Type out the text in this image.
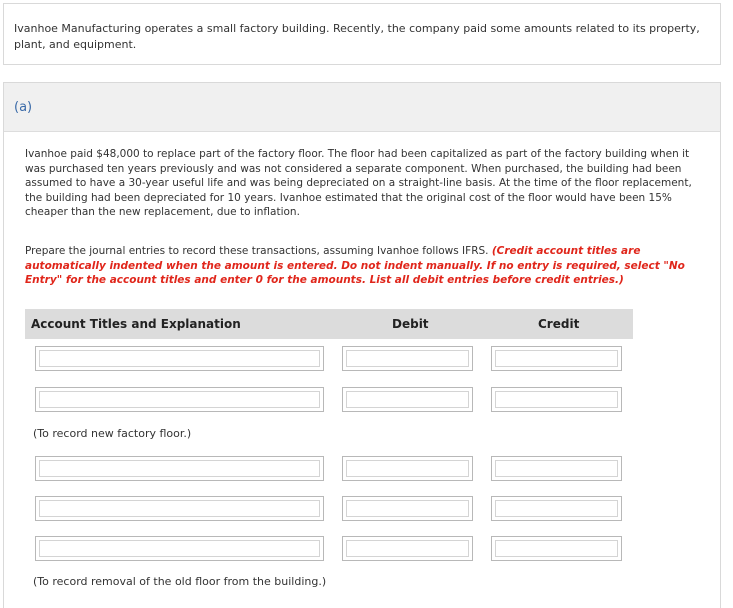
Ivanhoe Manufacturing operates a small factory building. Recently, the company paid some amounts related to its property, plant, and equipment.
(a)
Ivanhoe paid $48,000 to replace part of the factory floor. The floor had been capitalized as part of the factory building when it was purchased ten years previously and was not considered a separate component. When purchased, the building had been assumed to have a 30-year useful life and was being depreciated on a straight-line basis. At the time of the floor replacement, the building had been depreciated for 10 years. Ivanhoe estimated that the original cost of the floor would have been 15% cheaper than the new replacement, due to inflation.
Prepare the journal entries to record these transactions, assuming Ivanhoe follows IFRS. (Credit account titles are automatically indented when the amount is entered. Do not indent manually. If no entry is required, select "No Entry" for the account titles and enter 0 for the amounts. List all debit entries before credit entries.)
Account Titles and Explanation	Debit	Credit
(To record new factory floor.)
(To record removal of the old floor from the building.)
